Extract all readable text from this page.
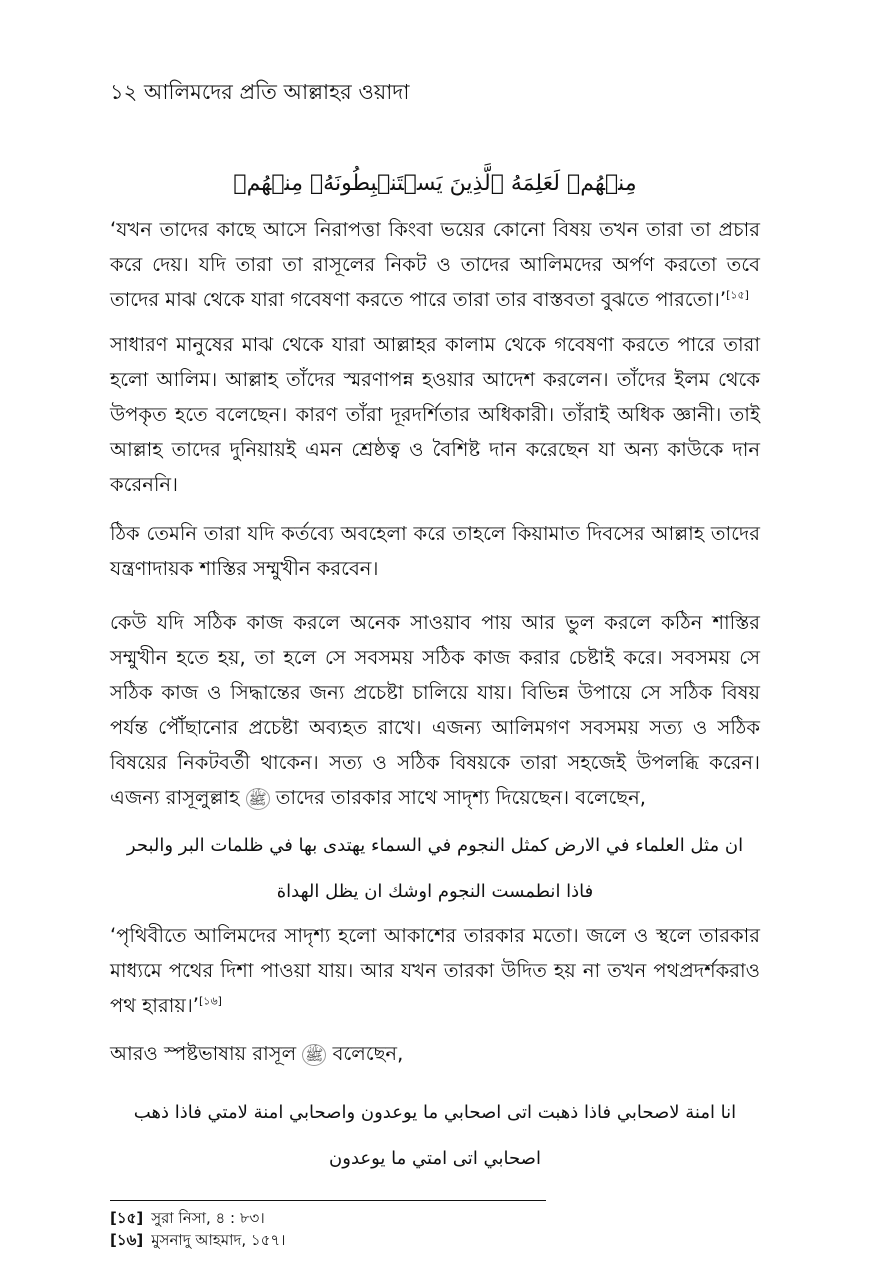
১২ আলিমদের প্রতি আল্লাহর ওয়াদা
مِنۡهُمۡ لَعَلِمَهُ ٱلَّذِينَ يَسۡتَنۢبِطُونَهُۥ مِنۡهُمۡ

‘যখন তাদের কাছে আসে নিরাপত্তা কিংবা ভয়ের কোনো বিষয় তখন তারা তা প্রচার করে দেয়। যদি তারা তা রাসূলের নিকট ও তাদের আলিমদের অর্পণ করতো তবে তাদের মাঝ থেকে যারা গবেষণা করতে পারে তারা তার বাস্তবতা বুঝতে পারতো।’[১৫]

সাধারণ মানুষের মাঝ থেকে যারা আল্লাহর কালাম থেকে গবেষণা করতে পারে তারা হলো আলিম। আল্লাহ তাঁদের স্মরণাপন্ন হওয়ার আদেশ করলেন। তাঁদের ইলম থেকে উপকৃত হতে বলেছেন। কারণ তাঁরা দূরদর্শিতার অধিকারী। তাঁরাই অধিক জ্ঞানী। তাই আল্লাহ তাদের দুনিয়ায়ই এমন শ্রেষ্ঠত্ব ও বৈশিষ্ট দান করেছেন যা অন্য কাউকে দান করেননি।

ঠিক তেমনি তারা যদি কর্তব্যে অবহেলা করে তাহলে কিয়ামাত দিবসের আল্লাহ তাদের যন্ত্রণাদায়ক শাস্তির সম্মুখীন করবেন।

কেউ যদি সঠিক কাজ করলে অনেক সাওয়াব পায় আর ভুল করলে কঠিন শাস্তির সম্মুখীন হতে হয়, তা হলে সে সবসময় সঠিক কাজ করার চেষ্টাই করে। সবসময় সে সঠিক কাজ ও সিদ্ধান্তের জন্য প্রচেষ্টা চালিয়ে যায়। বিভিন্ন উপায়ে সে সঠিক বিষয় পর্যন্ত পৌঁছানোর প্রচেষ্টা অব্যহত রাখে। এজন্য আলিমগণ সবসময় সত্য ও সঠিক বিষয়ের নিকটবর্তী থাকেন। সত্য ও সঠিক বিষয়কে তারা সহজেই উপলব্ধি করেন। এজন্য রাসূলুল্লাহ ﷺ তাদের তারকার সাথে সাদৃশ্য দিয়েছেন। বলেছেন,

ان مثل العلماء في الارض كمثل النجوم في السماء يهتدى بها في ظلمات البر والبحر
فاذا انطمست النجوم اوشك ان يظل الهداة

‘পৃথিবীতে আলিমদের সাদৃশ্য হলো আকাশের তারকার মতো। জলে ও স্থলে তারকার মাধ্যমে পথের দিশা পাওয়া যায়। আর যখন তারকা উদিত হয় না তখন পথপ্রদর্শকরাও পথ হারায়।’[১৬]

আরও স্পষ্টভাষায় রাসূল ﷺ বলেছেন,

انا امنة لاصحابي فاذا ذهبت اتى اصحابي ما يوعدون واصحابي امنة لامتي فاذا ذهب
اصحابي اتى امتي ما يوعدون
[১৫] সুরা নিসা, ৪ : ৮৩।
[১৬] মুসনাদু আহমাদ, ১৫৭।
